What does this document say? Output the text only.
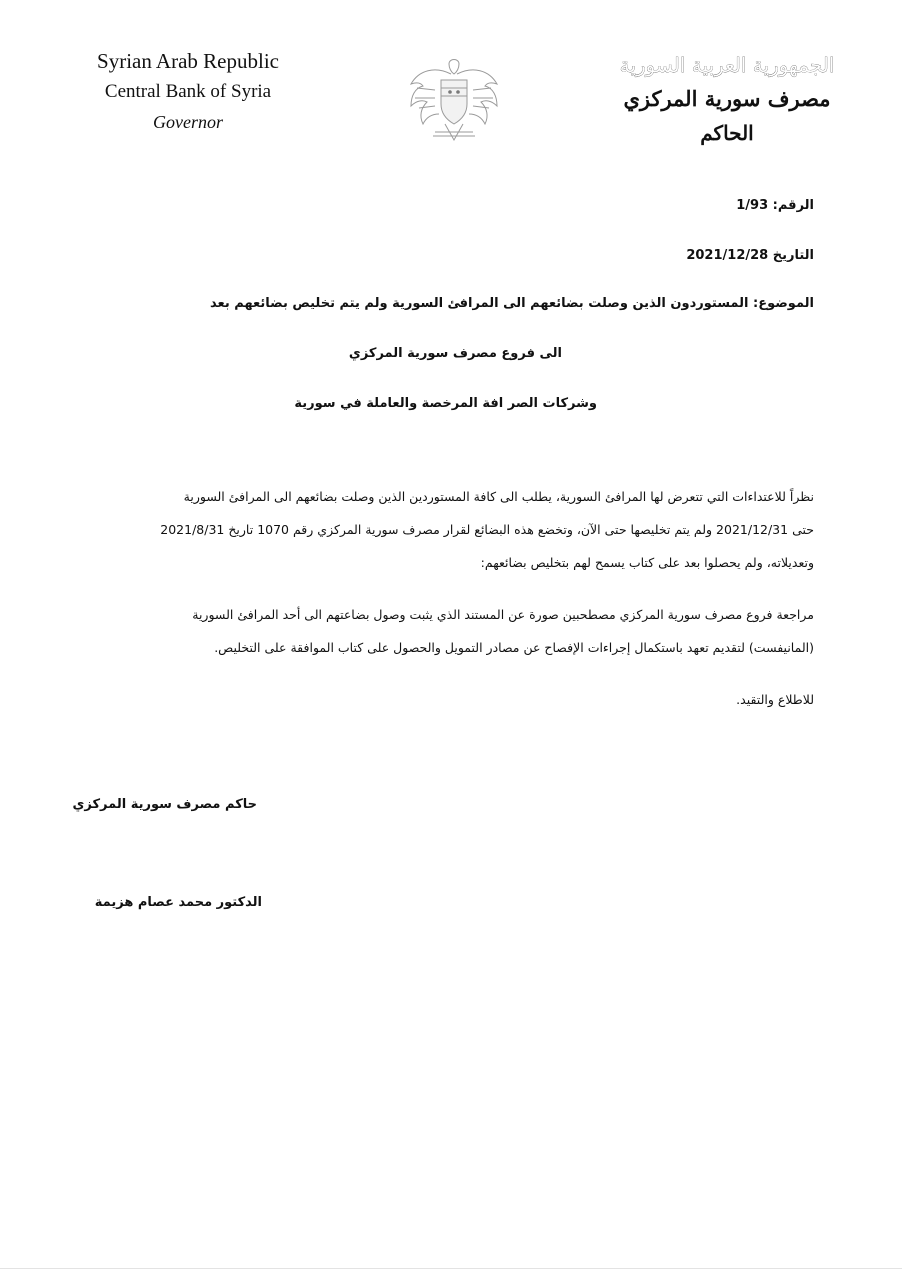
Syrian Arab Republic
Central Bank of Syria
Governor
الجمهورية العربية السورية
مصرف سورية المركزي
الحاكم
الرقم: 1/93
التاريخ 2021/12/28
الموضوع: المستوردون الذين وصلت بضائعهم الى المرافئ السورية ولم يتم تخليص بضائعهم بعد
الى فروع مصرف سورية المركزي
وشركات الصر افة المرخصة والعاملة في سورية
نظراً للاعتداءات التي تتعرض لها المرافئ السورية، يطلب الى كافة المستوردين الذين وصلت بضائعهم الى المرافئ السورية
حتى 2021/12/31 ولم يتم تخليصها حتى الآن، وتخضع هذه البضائع لقرار مصرف سورية المركزي رقم 1070 تاريخ 2021/8/31
وتعديلاته، ولم يحصلوا بعد على كتاب يسمح لهم بتخليص بضائعهم:
مراجعة فروع مصرف سورية المركزي مصطحبين صورة عن المستند الذي يثبت وصول بضاعتهم الى أحد المرافئ السورية
(المانيفست) لتقديم تعهد باستكمال إجراءات الإفصاح عن مصادر التمويل والحصول على كتاب الموافقة على التخليص.
للاطلاع والتقيد.
حاكم مصرف سورية المركزي
الدكتور محمد عصام هزيمة
